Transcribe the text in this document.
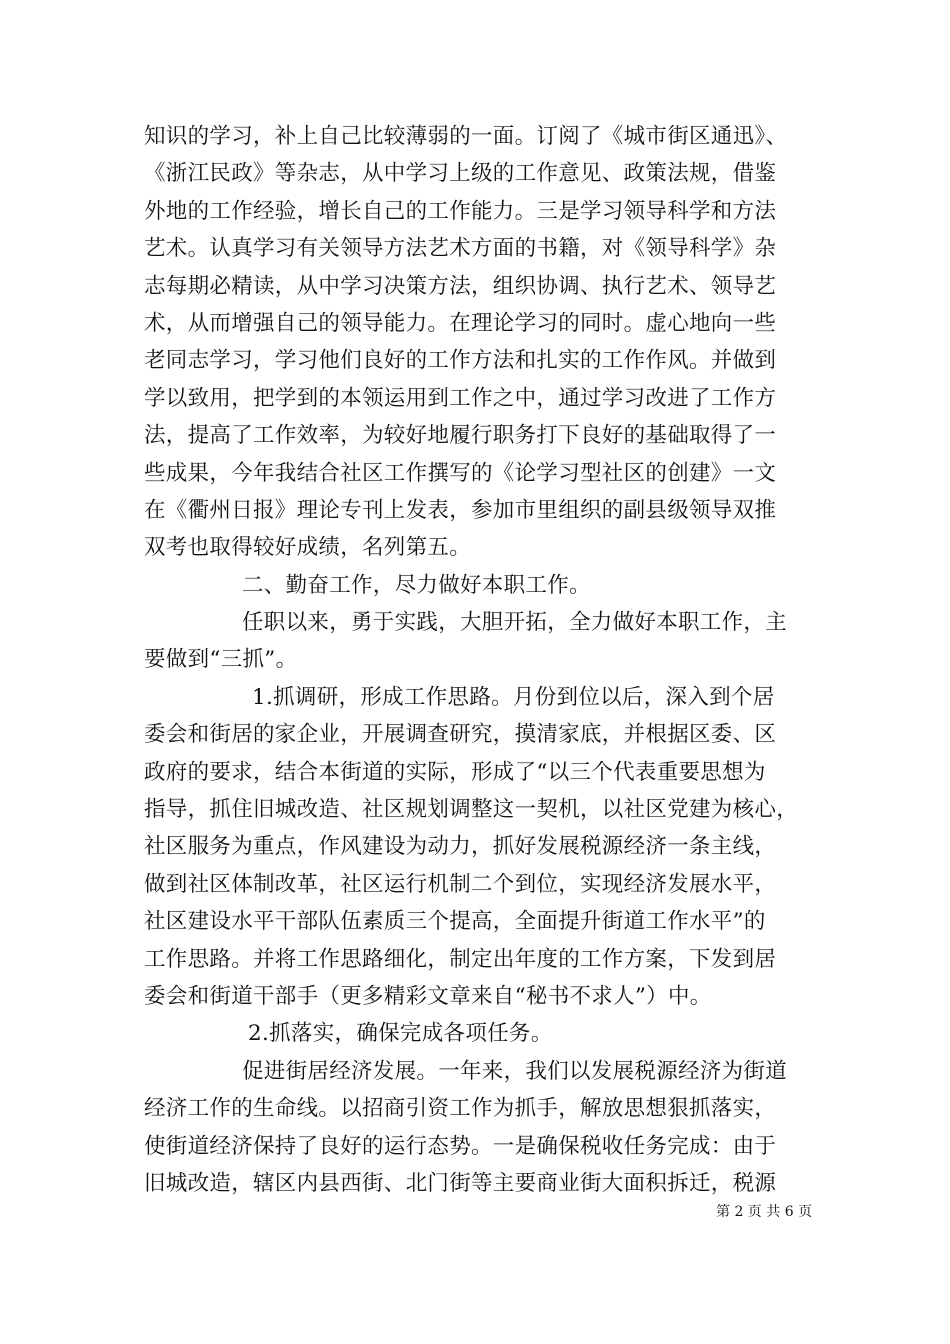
知识的学习，补上自己比较薄弱的一面。订阅了《城市街区通迅》、
《浙江民政》等杂志，从中学习上级的工作意见、政策法规，借鉴
外地的工作经验，增长自己的工作能力。三是学习领导科学和方法
艺术。认真学习有关领导方法艺术方面的书籍，对《领导科学》杂
志每期必精读，从中学习决策方法，组织协调、执行艺术、领导艺
术，从而增强自己的领导能力。在理论学习的同时。虚心地向一些
老同志学习，学习他们良好的工作方法和扎实的工作作风。并做到
学以致用，把学到的本领运用到工作之中，通过学习改进了工作方
法，提高了工作效率，为较好地履行职务打下良好的基础取得了一
些成果，今年我结合社区工作撰写的《论学习型社区的创建》一文
在《衢州日报》理论专刊上发表，参加市里组织的副县级领导双推
双考也取得较好成绩，名列第五。
二、勤奋工作，尽力做好本职工作。
任职以来，勇于实践，大胆开拓，全力做好本职工作，主
要做到“三抓”。
1.抓调研，形成工作思路。月份到位以后，深入到个居
委会和街居的家企业，开展调查研究，摸清家底，并根据区委、区
政府的要求，结合本街道的实际，形成了“以三个代表重要思想为
指导，抓住旧城改造、社区规划调整这一契机，以社区党建为核心，
社区服务为重点，作风建设为动力，抓好发展税源经济一条主线，
做到社区体制改革，社区运行机制二个到位，实现经济发展水平，
社区建设水平干部队伍素质三个提高，全面提升街道工作水平”的
工作思路。并将工作思路细化，制定出年度的工作方案，下发到居
委会和街道干部手（更多精彩文章来自“秘书不求人”）中。
2.抓落实，确保完成各项任务。
促进街居经济发展。一年来，我们以发展税源经济为街道
经济工作的生命线。以招商引资工作为抓手，解放思想狠抓落实，
使街道经济保持了良好的运行态势。一是确保税收任务完成：由于
旧城改造，辖区内县西街、北门街等主要商业街大面积拆迁，税源
第 2 页 共 6 页
